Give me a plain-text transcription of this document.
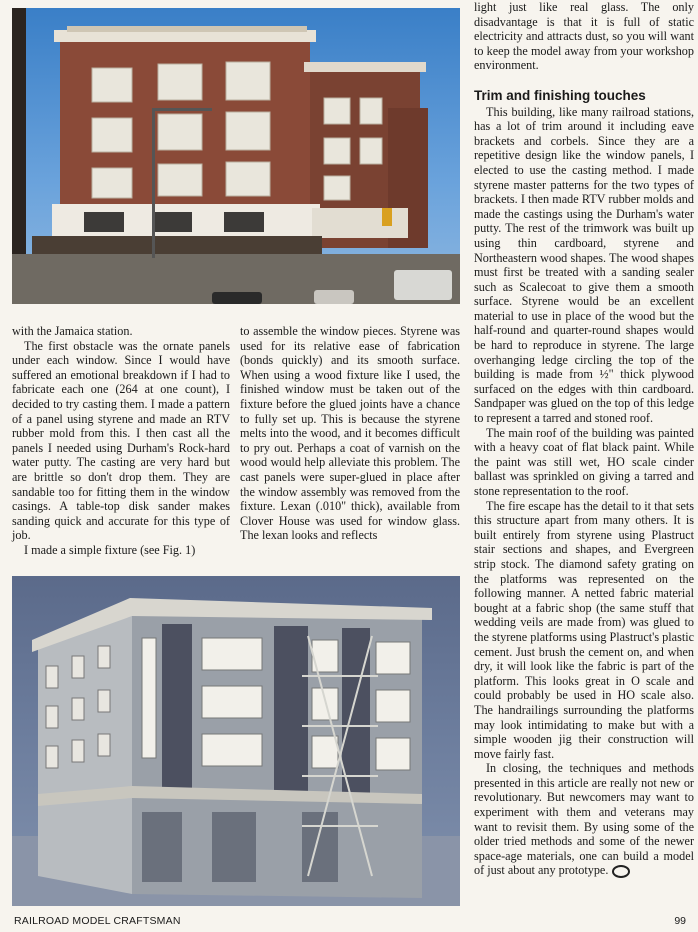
with the Jamaica station.

The first obstacle was the ornate panels under each window. Since I would have suffered an emotional breakdown if I had to fabricate each one (264 at one count), I decided to try casting them. I made a pattern of a panel using styrene and made an RTV rubber mold from this. I then cast all the panels I needed using Durham's Rock-hard water putty. The casting are very hard but are brittle so don't drop them. They are sandable too for fitting them in the window casings. A table-top disk sander makes sanding quick and accurate for this type of job.

I made a simple fixture (see Fig. 1)

to assemble the window pieces. Styrene was used for its relative ease of fabrication (bonds quickly) and its smooth surface. When using a wood fixture like I used, the finished window must be taken out of the fixture before the glued joints have a chance to fully set up. This is because the styrene melts into the wood, and it becomes difficult to pry out. Perhaps a coat of varnish on the wood would help alleviate this problem. The cast panels were super-glued in place after the window assembly was removed from the fixture. Lexan (.010" thick), available from Clover House was used for window glass. The lexan looks and reflects

light just like real glass. The only disadvantage is that it is full of static electricity and attracts dust, so you will want to keep the model away from your workshop environment.

Trim and finishing touches

This building, like many railroad stations, has a lot of trim around it including eave brackets and corbels. Since they are a repetitive design like the window panels, I elected to use the casting method. I made styrene master patterns for the two types of brackets. I then made RTV rubber molds and made the castings using the Durham's water putty. The rest of the trimwork was built up using thin cardboard, styrene and Northeastern wood shapes. The wood shapes must first be treated with a sanding sealer such as Scalecoat to give them a smooth surface. Styrene would be an excellent material to use in place of the wood but the half-round and quarter-round shapes would be hard to reproduce in styrene. The large overhanging ledge circling the top of the building is made from ½" thick plywood surfaced on the edges with thin cardboard. Sandpaper was glued on the top of this ledge to represent a tarred and stoned roof.

The main roof of the building was painted with a heavy coat of flat black paint. While the paint was still wet, HO scale cinder ballast was sprinkled on giving a tarred and stone representation to the roof.

The fire escape has the detail to it that sets this structure apart from many others. It is built entirely from styrene using Plastruct stair sections and shapes, and Evergreen strip stock. The diamond safety grating on the platforms was represented on the following manner. A netted fabric material bought at a fabric shop (the same stuff that wedding veils are made from) was glued to the styrene platforms using Plastruct's plastic cement. Just brush the cement on, and when dry, it will look like the fabric is part of the platform. This looks great in O scale and could probably be used in HO scale also. The handrailings surrounding the platforms may look intimidating to make but with a simple wooden jig their construction will move fairly fast.

In closing, the techniques and methods presented in this article are really not new or revolutionary. But newcomers may want to experiment with them and veterans may want to revisit them. By using some of the older tried methods and some of the newer space-age materials, one can build a model of just about any prototype.

RAILROAD MODEL CRAFTSMAN	99
